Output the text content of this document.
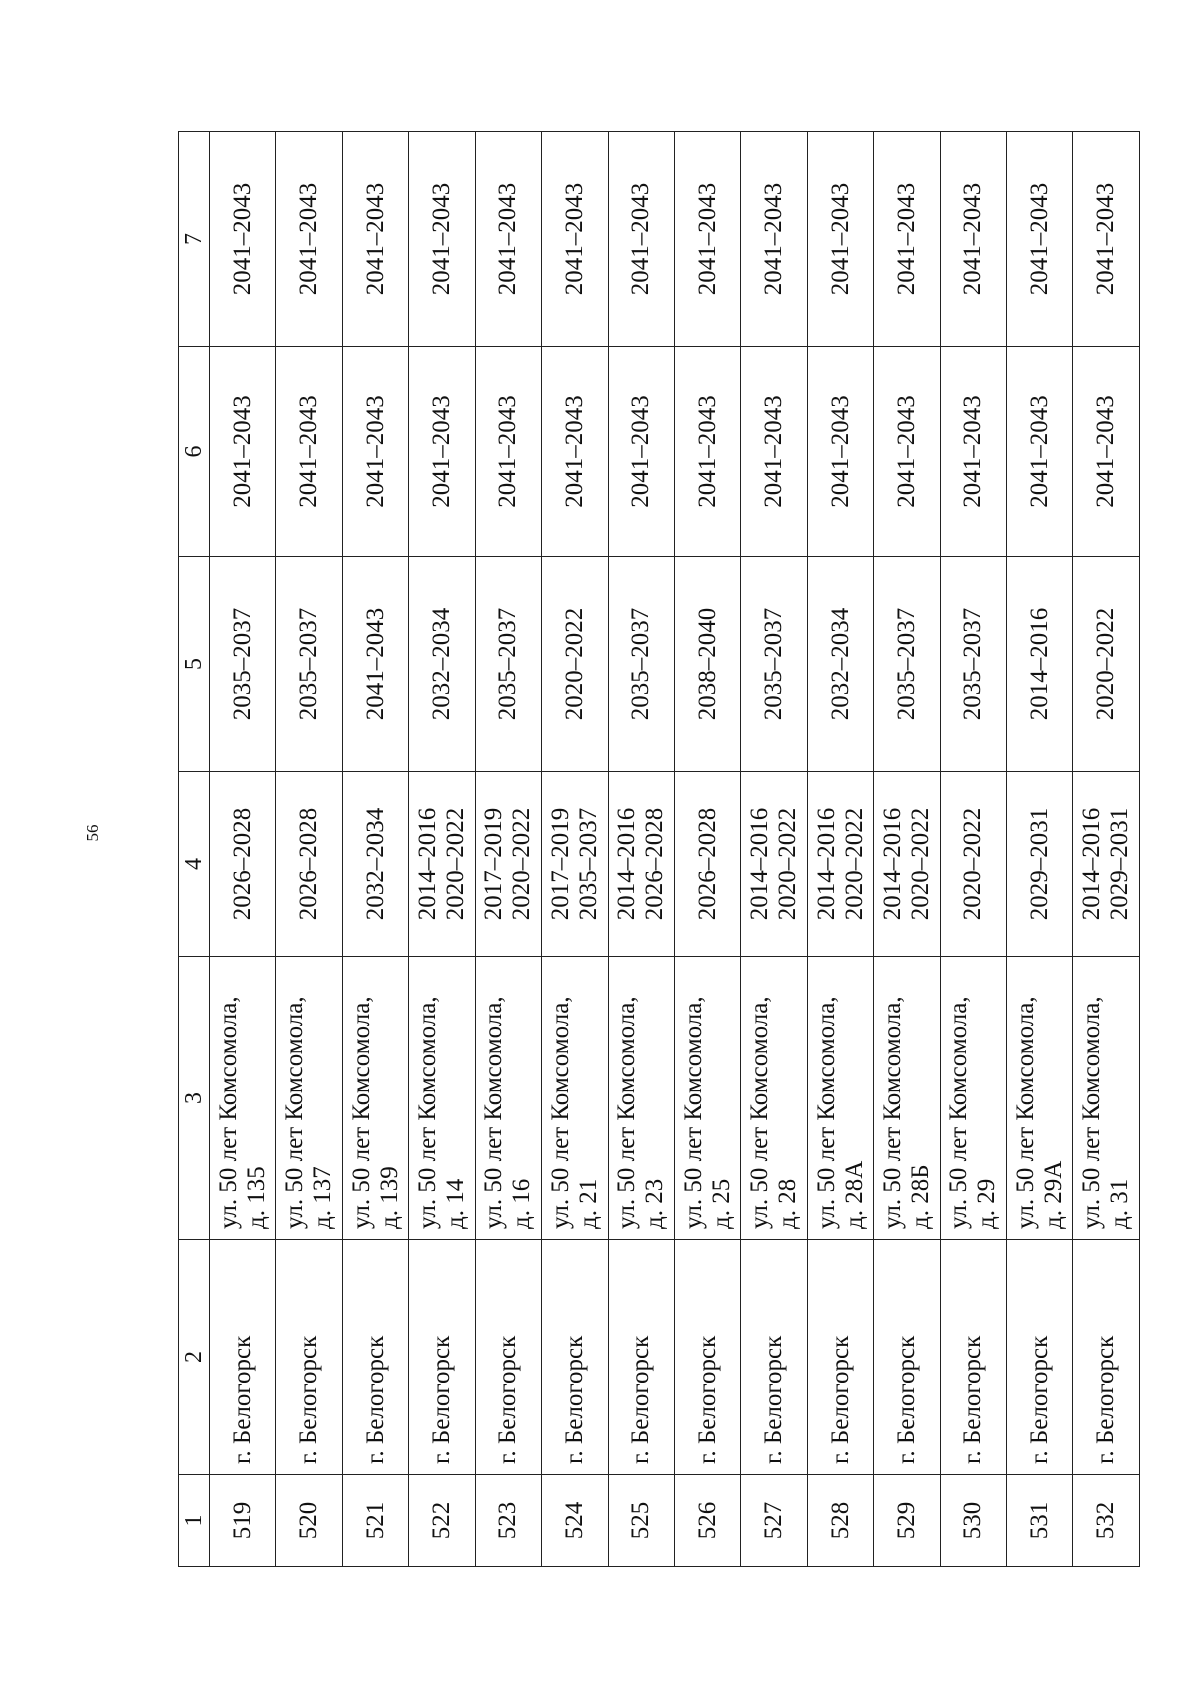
56
1	2	3	4	5	6	7
519	г. Белогорск	ул. 50 лет Комсомола,
д. 135	2026–2028	2035–2037	2041–2043	2041–2043
520	г. Белогорск	ул. 50 лет Комсомола,
д. 137	2026–2028	2035–2037	2041–2043	2041–2043
521	г. Белогорск	ул. 50 лет Комсомола,
д. 139	2032–2034	2041–2043	2041–2043	2041–2043
522	г. Белогорск	ул. 50 лет Комсомола,
д. 14	2014–2016 2020–2022	2032–2034	2041–2043	2041–2043
523	г. Белогорск	ул. 50 лет Комсомола,
д. 16	2017–2019 2020–2022	2035–2037	2041–2043	2041–2043
524	г. Белогорск	ул. 50 лет Комсомола,
д. 21	2017–2019 2035–2037	2020–2022	2041–2043	2041–2043
525	г. Белогорск	ул. 50 лет Комсомола,
д. 23	2014–2016 2026–2028	2035–2037	2041–2043	2041–2043
526	г. Белогорск	ул. 50 лет Комсомола,
д. 25	2026–2028	2038–2040	2041–2043	2041–2043
527	г. Белогорск	ул. 50 лет Комсомола,
д. 28	2014–2016 2020–2022	2035–2037	2041–2043	2041–2043
528	г. Белогорск	ул. 50 лет Комсомола,
д. 28А	2014–2016 2020–2022	2032–2034	2041–2043	2041–2043
529	г. Белогорск	ул. 50 лет Комсомола,
д. 28Б	2014–2016 2020–2022	2035–2037	2041–2043	2041–2043
530	г. Белогорск	ул. 50 лет Комсомола,
д. 29	2020–2022	2035–2037	2041–2043	2041–2043
531	г. Белогорск	ул. 50 лет Комсомола,
д. 29А	2029–2031	2014–2016	2041–2043	2041–2043
532	г. Белогорск	ул. 50 лет Комсомола,
д. 31	2014–2016 2029–2031	2020–2022	2041–2043	2041–2043
